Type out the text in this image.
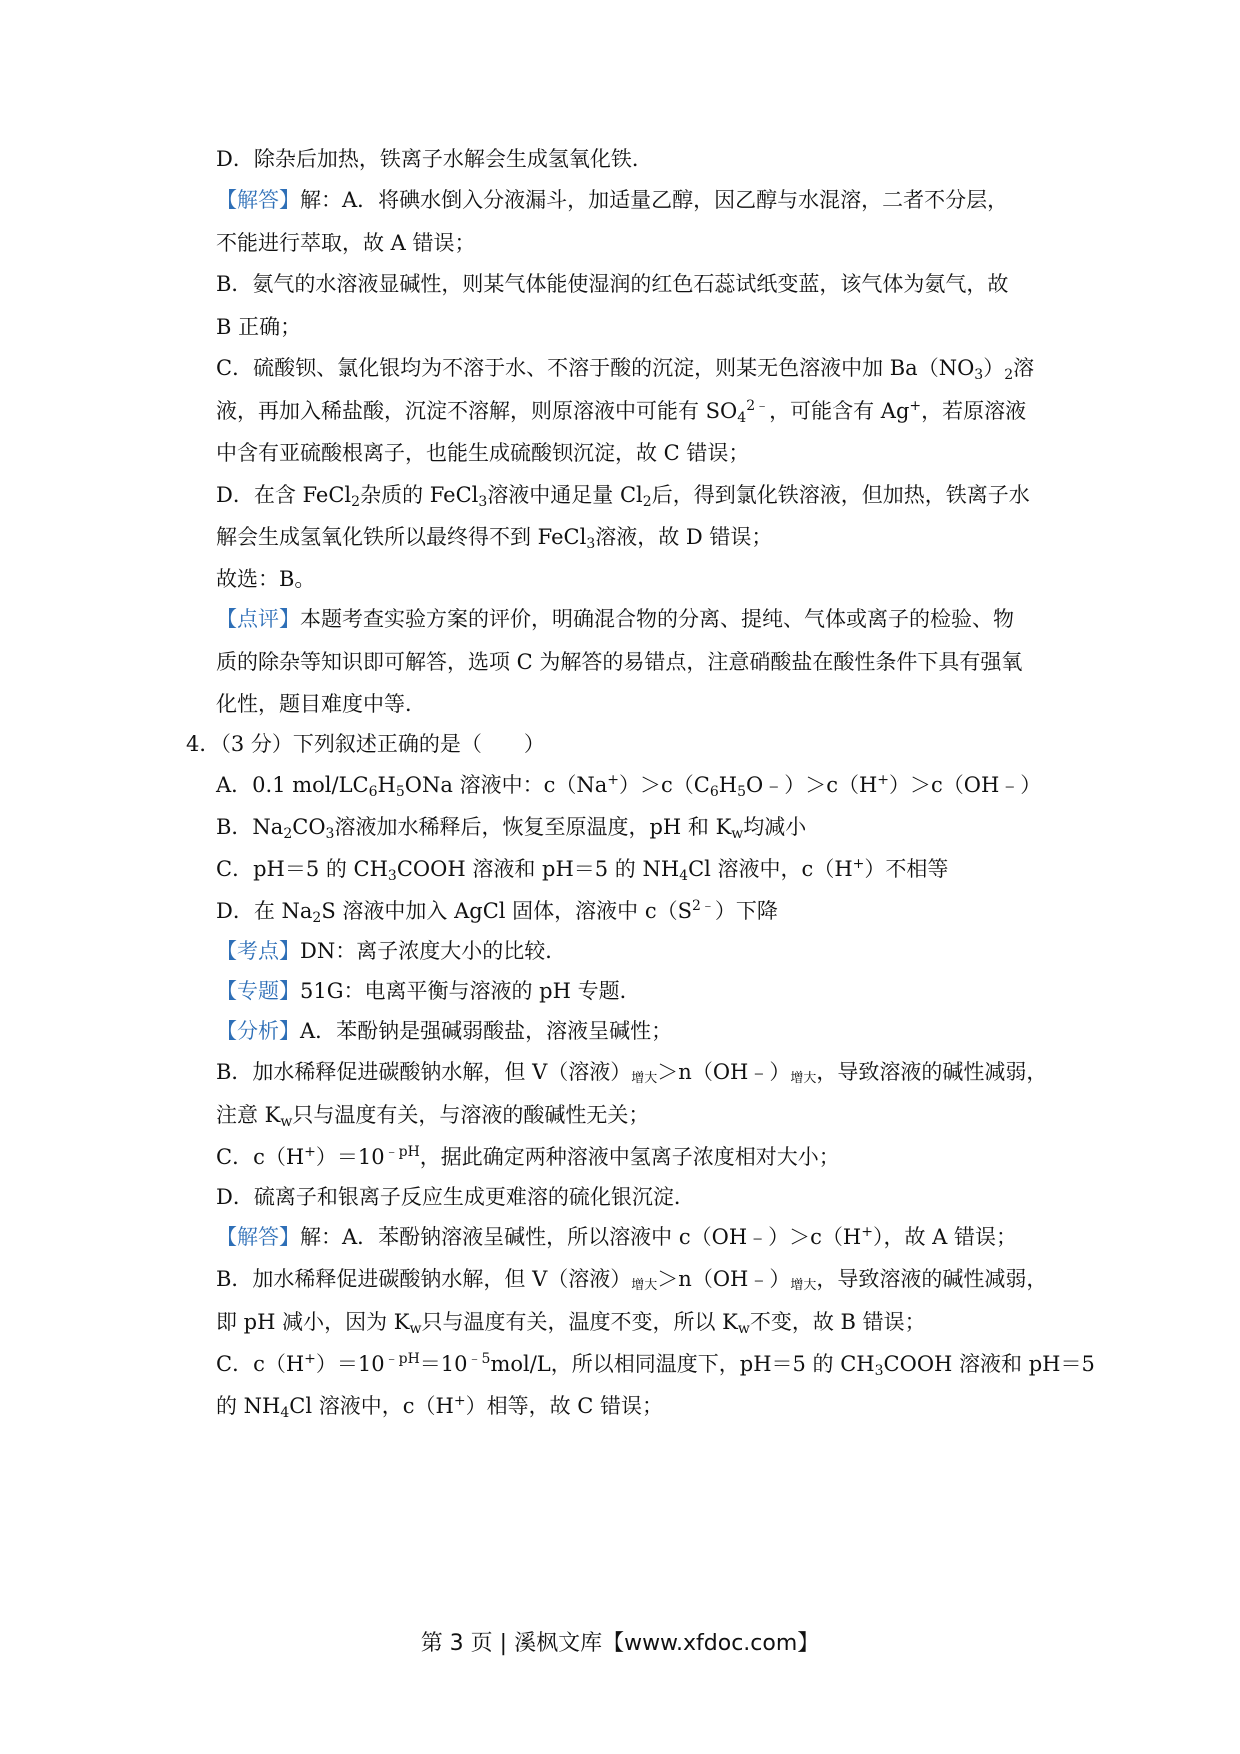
D．除杂后加热，铁离子水解会生成氢氧化铁．
【解答】解：A．将碘水倒入分液漏斗，加适量乙醇，因乙醇与水混溶，二者不分层，
不能进行萃取，故 A 错误；
B．氨气的水溶液显碱性，则某气体能使湿润的红色石蕊试纸变蓝，该气体为氨气，故
B 正确；
C．硫酸钡、氯化银均为不溶于水、不溶于酸的沉淀，则某无色溶液中加 $Ba(NO_3)_2$溶
液，再加入稀盐酸，沉淀不溶解，则原溶液中可能有 $SO_4^{2﹣}$，可能含有 Ag+，若原溶液
中含有亚硫酸根离子，也能生成硫酸钡沉淀，故 C 错误；
D．在含 FeCl$_2$杂质的 FeCl$_3$溶液中通足量 $Cl_2$后，得到氯化铁溶液，但加热，铁离子水
解会生成氢氧化铁所以最终得不到 FeCl$_3$溶液，故 D 错误；
故选：B。
【点评】本题考查实验方案的评价，明确混合物的分离、提纯、气体或离子的检验、物
质的除杂等知识即可解答，选项 C 为解答的易错点，注意硝酸盐在酸性条件下具有强氧
化性，题目难度中等．
4．（3 分）下列叙述正确的是（　　）
A．0.1 mol/$LC_6H_5ONa$ 溶液中：$c(Na^+)>c(C_6H_5O﹣)>c(H^+)>c(OH﹣)$
B．$Na_2CO_3$溶液加水稀释后，恢复至原温度，pH 和 $K_w$均减小
C．pH＝5 的 $CH_3COOH$ 溶液和 pH＝5 的 $NH_4Cl$ 溶液中，c（H+）不相等
D．在 $Na_2S$ 溶液中加入 AgCl 固体，溶液中 $c(S^{2﹣})$下降
【考点】DN：离子浓度大小的比较．
【专题】51G：电离平衡与溶液的 pH 专题．
【分析】A．苯酚钠是强碱弱酸盐，溶液呈碱性；
B．加水稀释促进碳酸钠水解，但 V（溶液）增大＞n（OH﹣）增大，导致溶液的碱性减弱，
注意 $K_w$只与温度有关，与溶液的酸碱性无关；
C．$c(H^+)=10^{﹣pH}$，据此确定两种溶液中氢离子浓度相对大小；
D．硫离子和银离子反应生成更难溶的硫化银沉淀．
【解答】解：A．苯酚钠溶液呈碱性，所以溶液中 c（OH﹣）＞c（H+），故 A 错误；
B．加水稀释促进碳酸钠水解，但 V（溶液）增大＞n（OH﹣）增大，导致溶液的碱性减弱，
即 pH 减小，因为 $K_w$只与温度有关，温度不变，所以 $K_w$不变，故 B 错误；
C．$c(H^+)=10^{﹣pH}=10^{﹣5}mol/L$，所以相同温度下，pH＝5 的 $CH_3COOH$ 溶液和 pH＝5
的 $NH_4Cl$ 溶液中，c（H+）相等，故 C 错误；
第 3 页 | 溪枫文库【www.xfdoc.com】
